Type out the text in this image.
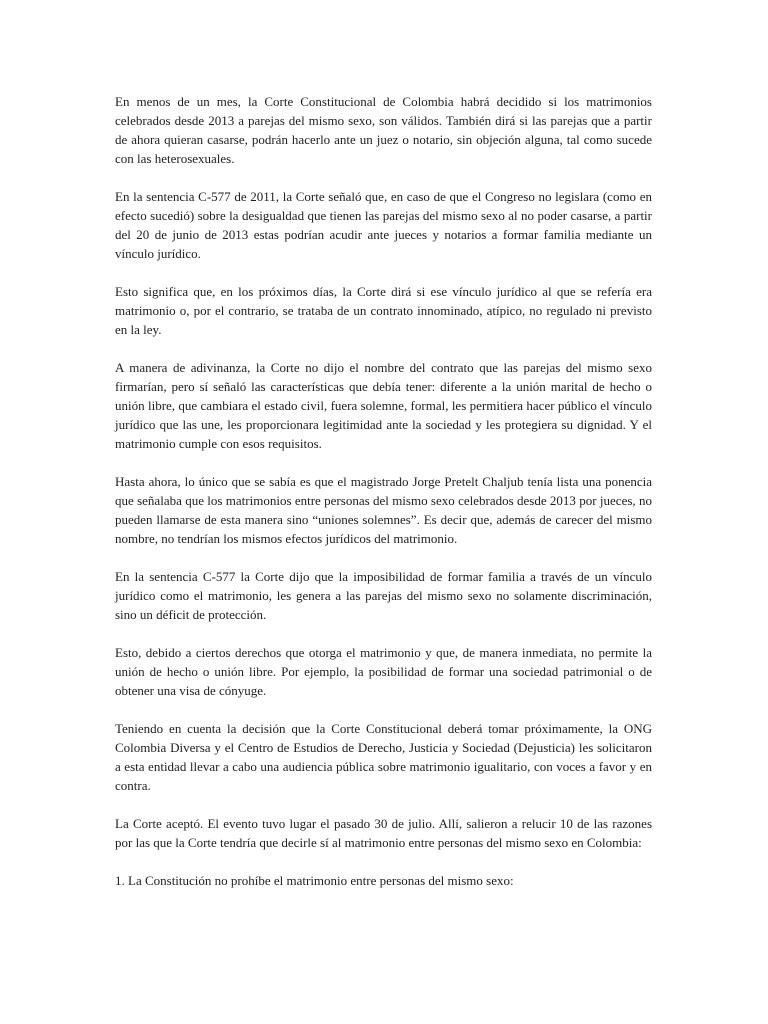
En menos de un mes, la Corte Constitucional de Colombia habrá decidido si los matrimonios celebrados desde 2013 a parejas del mismo sexo, son válidos. También dirá si las parejas que a partir de ahora quieran casarse, podrán hacerlo ante un juez o notario, sin objeción alguna, tal como sucede con las heterosexuales.

En la sentencia C-577 de 2011, la Corte señaló que, en caso de que el Congreso no legislara (como en efecto sucedió) sobre la desigualdad que tienen las parejas del mismo sexo al no poder casarse, a partir del 20 de junio de 2013 estas podrían acudir ante jueces y notarios a formar familia mediante un vínculo jurídico.

Esto significa que, en los próximos días, la Corte dirá si ese vínculo jurídico al que se refería era matrimonio o, por el contrario, se trataba de un contrato innominado, atípico, no regulado ni previsto en la ley.

A manera de adivinanza, la Corte no dijo el nombre del contrato que las parejas del mismo sexo firmarían, pero sí señaló las características que debía tener: diferente a la unión marital de hecho o unión libre, que cambiara el estado civil, fuera solemne, formal, les permitiera hacer público el vínculo jurídico que las une, les proporcionara legitimidad ante la sociedad y les protegiera su dignidad. Y el matrimonio cumple con esos requisitos.

Hasta ahora, lo único que se sabía es que el magistrado Jorge Pretelt Chaljub tenía lista una ponencia que señalaba que los matrimonios entre personas del mismo sexo celebrados desde 2013 por jueces, no pueden llamarse de esta manera sino “uniones solemnes”. Es decir que, además de carecer del mismo nombre, no tendrían los mismos efectos jurídicos del matrimonio.

En la sentencia C-577 la Corte dijo que la imposibilidad de formar familia a través de un vínculo jurídico como el matrimonio, les genera a las parejas del mismo sexo no solamente discriminación, sino un déficit de protección.

Esto, debido a ciertos derechos que otorga el matrimonio y que, de manera inmediata, no permite la unión de hecho o unión libre. Por ejemplo, la posibilidad de formar una sociedad patrimonial o de obtener una visa de cónyuge.

Teniendo en cuenta la decisión que la Corte Constitucional deberá tomar próximamente, la ONG Colombia Diversa y el Centro de Estudios de Derecho, Justicia y Sociedad (Dejusticia) les solicitaron a esta entidad llevar a cabo una audiencia pública sobre matrimonio igualitario, con voces a favor y en contra.

La Corte aceptó. El evento tuvo lugar el pasado 30 de julio. Allí, salieron a relucir 10 de las razones por las que la Corte tendría que decirle sí al matrimonio entre personas del mismo sexo en Colombia:

1. La Constitución no prohíbe el matrimonio entre personas del mismo sexo:
